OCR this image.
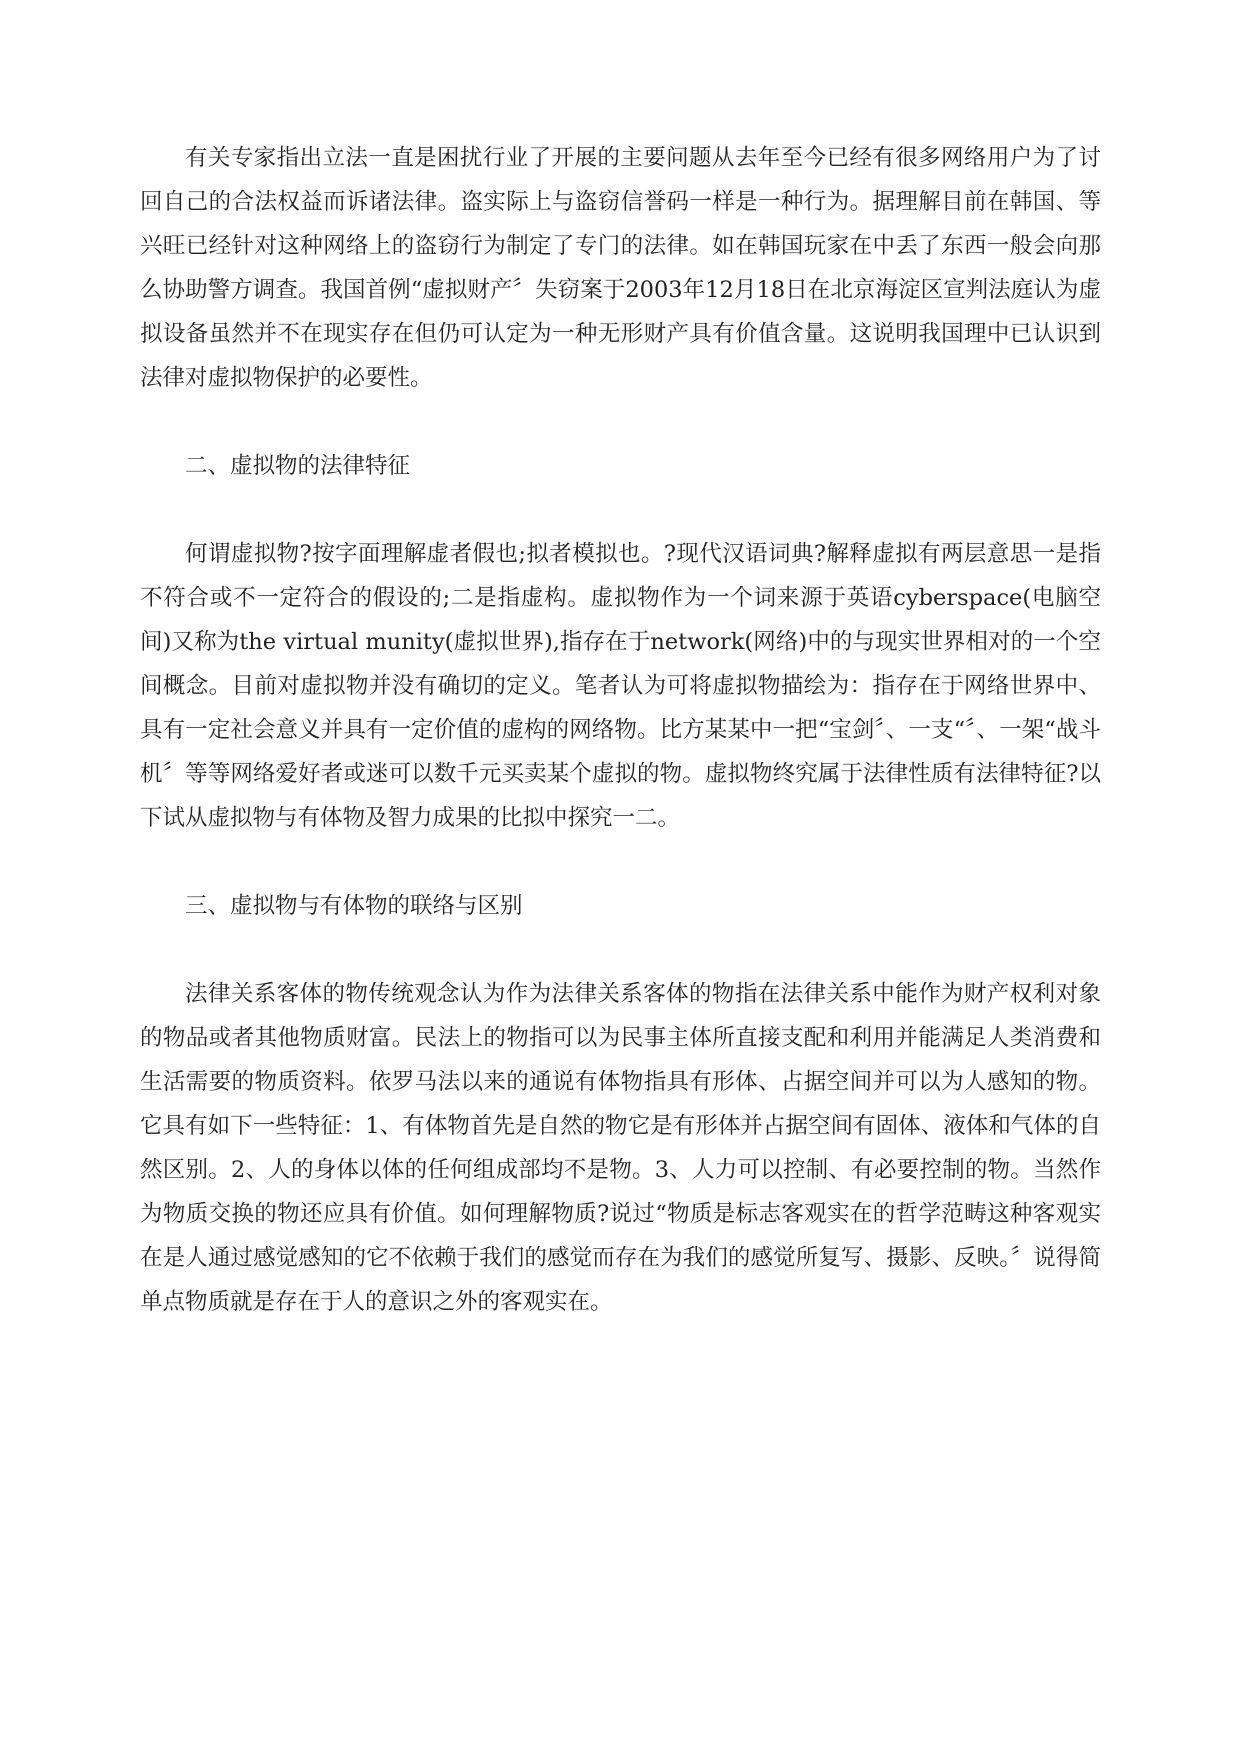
有关专家指出立法一直是困扰行业了开展的主要问题从去年至今已经有很多网络用户为了讨回自己的合法权益而诉诸法律。盗实际上与盗窃信誉码一样是一种行为。据理解目前在韩国、等兴旺已经针对这种网络上的盗窃行为制定了专门的法律。如在韩国玩家在中丢了东西一般会向那么协助警方调查。我国首例“虚拟财产〞失窃案于2003年12月18日在北京海淀区宣判法庭认为虚拟设备虽然并不在现实存在但仍可认定为一种无形财产具有价值含量。这说明我国理中已认识到法律对虚拟物保护的必要性。

二、虚拟物的法律特征

何谓虚拟物?按字面理解虚者假也;拟者模拟也。?现代汉语词典?解释虚拟有两层意思一是指不符合或不一定符合的假设的;二是指虚构。虚拟物作为一个词来源于英语cyberspace(电脑空间)又称为the virtual munity(虚拟世界),指存在于network(网络)中的与现实世界相对的一个空间概念。目前对虚拟物并没有确切的定义。笔者认为可将虚拟物描绘为：指存在于网络世界中、具有一定社会意义并具有一定价值的虚构的网络物。比方某某中一把“宝剑〞、一支“〞、一架“战斗机〞等等网络爱好者或迷可以数千元买卖某个虚拟的物。虚拟物终究属于法律性质有法律特征?以下试从虚拟物与有体物及智力成果的比拟中探究一二。

三、虚拟物与有体物的联络与区别

法律关系客体的物传统观念认为作为法律关系客体的物指在法律关系中能作为财产权利对象的物品或者其他物质财富。民法上的物指可以为民事主体所直接支配和利用并能满足人类消费和生活需要的物质资料。依罗马法以来的通说有体物指具有形体、占据空间并可以为人感知的物。它具有如下一些特征：1、有体物首先是自然的物它是有形体并占据空间有固体、液体和气体的自然区别。2、人的身体以体的任何组成部均不是物。3、人力可以控制、有必要控制的物。当然作为物质交换的物还应具有价值。如何理解物质?说过“物质是标志客观实在的哲学范畴这种客观实在是人通过感觉感知的它不依赖于我们的感觉而存在为我们的感觉所复写、摄影、反映。〞说得简单点物质就是存在于人的意识之外的客观实在。
